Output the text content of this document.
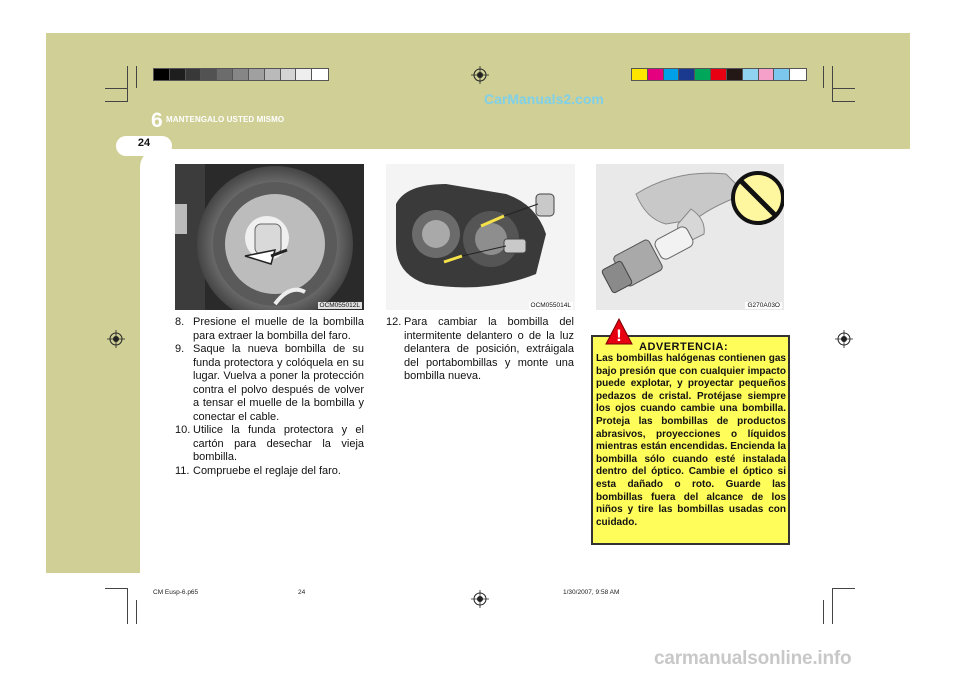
24
6 MANTENGALO USTED MISMO
CarManuals2.com
OCM055012L	OCM055014L	G270A03O
8. Presione el muelle de la bombilla para extraer la bombilla del faro.
9. Saque la nueva bombilla de su funda protectora y colóquela en su lugar. Vuelva a poner la protección contra el polvo después de volver a tensar el muelle de la bombilla y conectar el cable.
10. Utilice la funda protectora y el cartón para desechar la vieja bombilla.
11. Compruebe el reglaje del faro.
12. Para cambiar la bombilla del intermitente delantero o de la luz delantera de posición, extráigala del portabombillas y monte una bombilla nueva.
ADVERTENCIA:
Las bombillas halógenas contienen gas bajo presión que con cualquier impacto puede explotar, y proyectar pequeños pedazos de cristal. Protéjase siempre los ojos cuando cambie una bombilla. Proteja las bombillas de productos abrasivos, proyecciones o líquidos mientras están encendidas. Encienda la bombilla sólo cuando esté instalada dentro del óptico. Cambie el óptico si esta dañado o roto. Guarde las bombillas fuera del alcance de los niños y tire las bombillas usadas con cuidado.
!
CM Eusp-6.p65	24	1/30/2007, 9:58 AM
carmanualsonline.info
